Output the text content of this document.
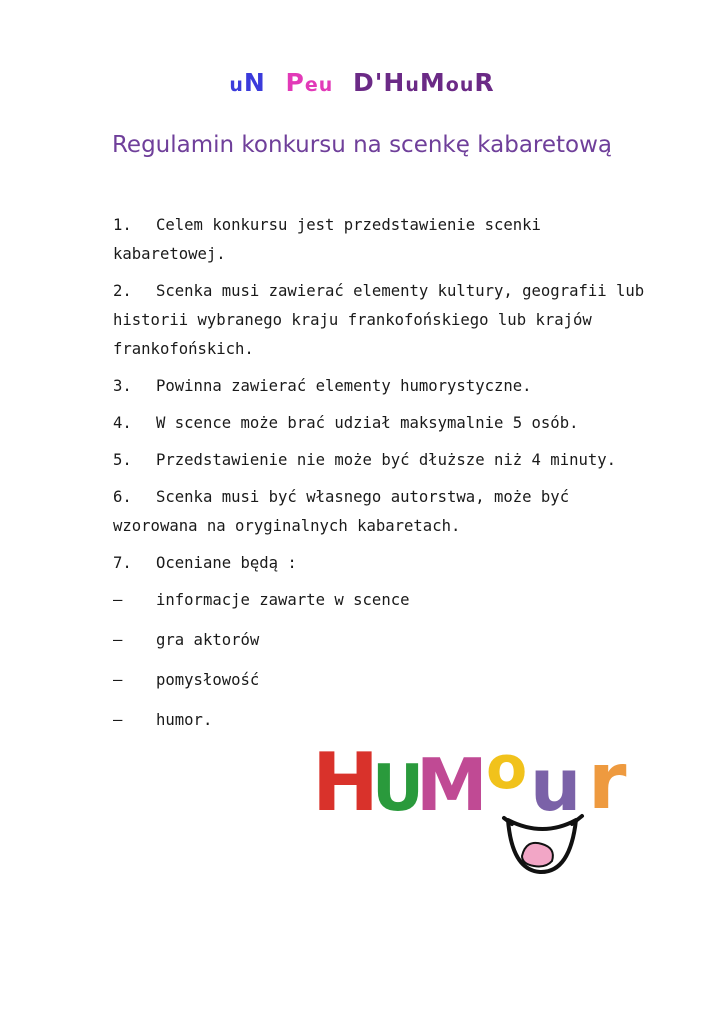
uN Peu D'HuMouR
Regulamin konkursu na scenkę kabaretową
1. Celem konkursu jest przedstawienie scenki kabaretowej.
2. Scenka musi zawierać elementy kultury, geografii lub historii wybranego kraju frankofońskiego lub krajów frankofońskich.
3. Powinna zawierać elementy humorystyczne.
4. W scence może brać udział maksymalnie 5 osób.
5. Przedstawienie nie może być dłuższe niż 4 minuty.
6. Scenka musi być własnego autorstwa, może być wzorowana na oryginalnych kabaretach.
7. Oceniane będą :
– informacje zawarte w scence
– gra aktorów
– pomysłowość
– humor.
H
U
M
o u r
